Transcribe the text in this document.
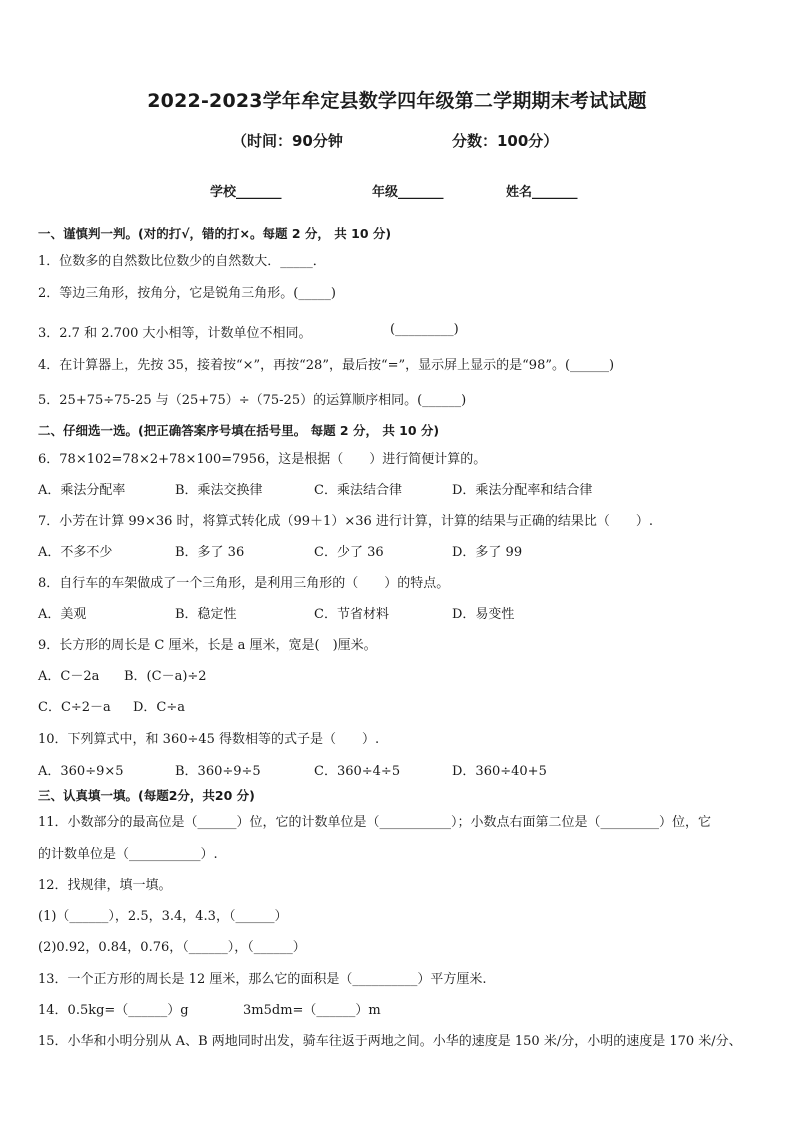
2022-2023学年牟定县数学四年级第二学期期末考试试题
（时间：90分钟	分数：100分）
学校_______	年级_______	姓名_______
一、谨慎判一判。(对的打√，错的打×。每题 2 分， 共 10 分)
1．位数多的自然数比位数少的自然数大．_____．
2．等边三角形，按角分，它是锐角三角形。(_____)
3．2.7 和 2.700 大小相等，计数单位不相同。	(_________)
4．在计算器上，先按 35，接着按“×”，再按“28”，最后按“=”，显示屏上显示的是“98”。(______)
5．25+75÷75-25 与（25+75）÷（75-25）的运算顺序相同。(______)
二、仔细选一选。(把正确答案序号填在括号里。 每题 2 分， 共 10 分)
6．78×102=78×2+78×100=7956，这是根据（　　）进行简便计算的。
A．乘法分配率	B．乘法交换律	C．乘法结合律	D．乘法分配率和结合律
7．小芳在计算 99×36 时，将算式转化成（99＋1）×36 进行计算，计算的结果与正确的结果比（　　）.
A．不多不少	B．多了 36	C．少了 36	D．多了 99
8．自行车的车架做成了一个三角形，是利用三角形的（　　）的特点。
A．美观	B．稳定性	C．节省材料	D．易变性
9．长方形的周长是 C 厘米，长是 a 厘米，宽是(　)厘米。
A．C－2a B．(C－a)÷2
C．C÷2－a D．C÷a
10．下列算式中，和 360÷45 得数相等的式子是（　　）.
A．360÷9×5	B．360÷9÷5	C．360÷4÷5	D．360÷40+5
三、认真填一填。(每题2分，共20 分)
11．小数部分的最高位是（______）位，它的计数单位是（___________）；小数点右面第二位是（_________）位，它
的计数单位是（___________）.
12．找规律，填一填。
(1)（______），2.5，3.4，4.3，（______）
(2)0.92，0.84，0.76，（______），（______）
13．一个正方形的周长是 12 厘米，那么它的面积是（__________）平方厘米.
14．0.5kg=（______）g	3m5dm=（______）m
15．小华和小明分别从 A、B 两地同时出发，骑车往返于两地之间。小华的速度是 150 米/分，小明的速度是 170 米/分、
